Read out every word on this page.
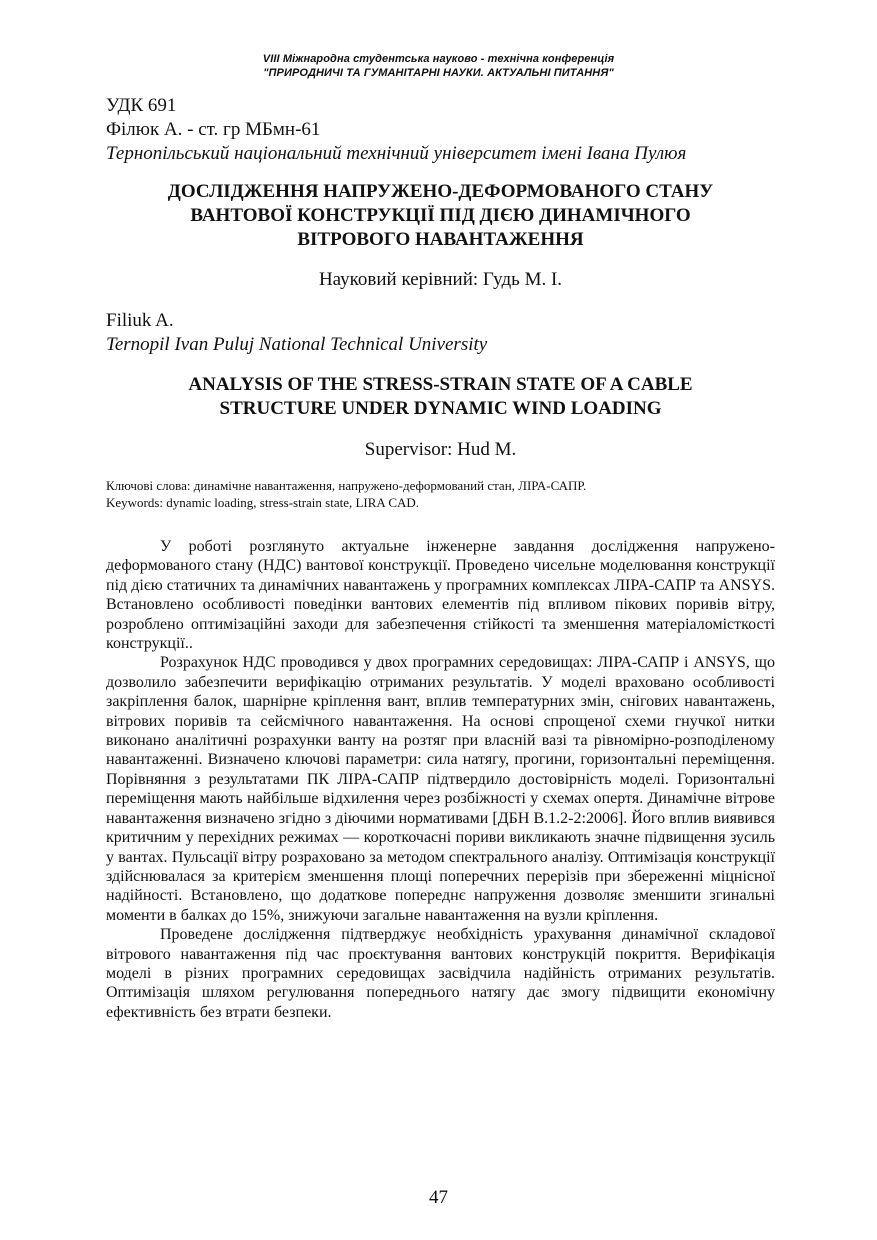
VIII Міжнародна студентська науково - технічна конференція
"ПРИРОДНИЧІ ТА ГУМАНІТАРНІ НАУКИ. АКТУАЛЬНІ ПИТАННЯ"
УДК 691
Філюк А. - ст. гр МБмн-61
Тернопільський національний технічний університет імені Івана Пулюя
ДОСЛІДЖЕННЯ НАПРУЖЕНО-ДЕФОРМОВАНОГО СТАНУ
ВАНТОВОЇ КОНСТРУКЦІЇ ПІД ДІЄЮ ДИНАМІЧНОГО
ВІТРОВОГО НАВАНТАЖЕННЯ
Науковий керівний: Гудь М. І.
Filiuk A.
Ternopil Ivan Puluj National Technical University
ANALYSIS OF THE STRESS-STRAIN STATE OF A CABLE
STRUCTURE UNDER DYNAMIC WIND LOADING
Supervisor: Hud M.
Ключові слова: динамічне навантаження, напружено-деформований стан, ЛІРА-САПР.
Keywords: dynamic loading, stress-strain state, LIRA CAD.

У роботі розглянуто актуальне інженерне завдання дослідження напружено-деформованого стану (НДС) вантової конструкції. Проведено чисельне моделювання конструкції під дією статичних та динамічних навантажень у програмних комплексах ЛІРА-САПР та ANSYS. Встановлено особливості поведінки вантових елементів під впливом пікових поривів вітру, розроблено оптимізаційні заходи для забезпечення стійкості та зменшення матеріаломісткості конструкції..

Розрахунок НДС проводився у двох програмних середовищах: ЛІРА-САПР і ANSYS, що дозволило забезпечити верифікацію отриманих результатів. У моделі враховано особливості закріплення балок, шарнірне кріплення вант, вплив температурних змін, снігових навантажень, вітрових поривів та сейсмічного навантаження. На основі спрощеної схеми гнучкої нитки виконано аналітичні розрахунки ванту на розтяг при власній вазі та рівномірно-розподіленому навантаженні. Визначено ключові параметри: сила натягу, прогини, горизонтальні переміщення. Порівняння з результатами ПК ЛІРА-САПР підтвердило достовірність моделі. Горизонтальні переміщення мають найбільше відхилення через розбіжності у схемах опертя. Динамічне вітрове навантаження визначено згідно з діючими нормативами [ДБН В.1.2-2:2006]. Його вплив виявився критичним у перехідних режимах — короткочасні пориви викликають значне підвищення зусиль у вантах. Пульсації вітру розраховано за методом спектрального аналізу. Оптимізація конструкції здійснювалася за критерієм зменшення площі поперечних перерізів при збереженні міцнісної надійності. Встановлено, що додаткове попереднє напруження дозволяє зменшити згинальні моменти в балках до 15%, знижуючи загальне навантаження на вузли кріплення.

Проведене дослідження підтверджує необхідність урахування динамічної складової вітрового навантаження під час проєктування вантових конструкцій покриття. Верифікація моделі в різних програмних середовищах засвідчила надійність отриманих результатів. Оптимізація шляхом регулювання попереднього натягу дає змогу підвищити економічну ефективність без втрати безпеки.

47
